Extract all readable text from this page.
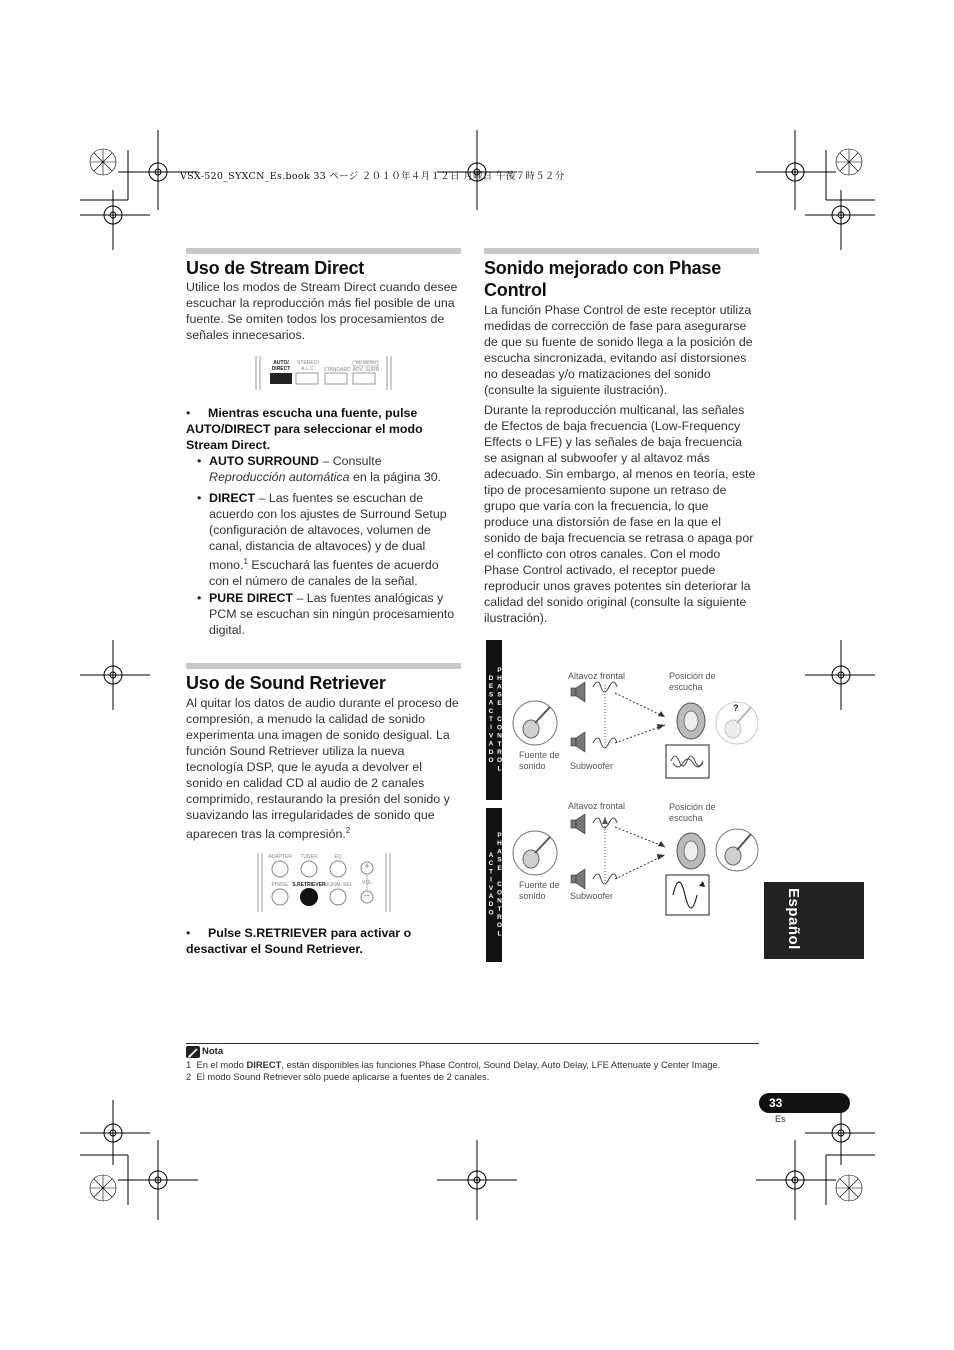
VSX-520_SYXCN_Es.book 33 ページ ２０１０年４月１２日 月曜日 午後７時５２分
Uso de Stream Direct

Utilice los modos de Stream Direct cuando desee escuchar la reproducción más fiel posible de una fuente. Se omiten todos los procesamientos de señales innecesarios.

AUTO/ DIRECT
STEREO/ A.L.C.	STANDARD
BD MENU
ADV. SURR
•	Mientras escucha una fuente, pulse AUTO/DIRECT para seleccionar el modo Stream Direct.

• AUTO SURROUND – Consulte Reproducción automática en la página 30.

• DIRECT – Las fuentes se escuchan de acuerdo con los ajustes de Surround Setup (configuración de altavoces, volumen de canal, distancia de altavoces) y de dual mono.$^1$ Escuchará las fuentes de acuerdo con el número de canales de la señal.

• PURE DIRECT – Las fuentes analógicas y PCM se escuchan sin ningún procesamiento digital.

Uso de Sound Retriever

Al quitar los datos de audio durante el proceso de compresión, a menudo la calidad de sonido experimenta una imagen de sonido desigual. La función Sound Retriever utiliza la nueva tecnología DSP, que le ayuda a devolver el sonido en calidad CD al audio de 2 canales comprimido, restaurando la presión del sonido y suavizando las irregularidades de sonido que aparecen tras la compresión.$^2$

ADAPTER	TUNER	EQ
PHASE S.RETRIEVER
SIGNAL SEL	VOL
+
–
•	Pulse S.RETRIEVER para activar o desactivar el Sound Retriever.

Sonido mejorado con Phase Control

La función Phase Control de este receptor utiliza medidas de corrección de fase para asegurarse de que su fuente de sonido llega a la posición de escucha sincronizada, evitando así distorsiones no deseadas y/o matizaciones del sonido (consulte la siguiente ilustración).

Durante la reproducción multicanal, las señales de Efectos de baja frecuencia (Low-Frequency Effects o LFE) y las señales de baja frecuencia se asignan al subwoofer y al altavoz más adecuado. Sin embargo, al menos en teoría, este tipo de procesamiento supone un retraso de grupo que varía con la frecuencia, lo que produce una distorsión de fase en la que el sonido de baja frecuencia se retrasa o apaga por el conflicto con otros canales. Con el modo Phase Control activado, el receptor puede reproducir unos graves potentes sin deteriorar la calidad del sonido original (consulte la siguiente ilustración).

PHASE CONTROL DESACTIVADO	Altavoz frontal	Posición de escucha
Fuente de sonido	Subwoofer
?
PHASE CONTROL ACTIVADO
Altavoz frontal	Posición de escucha
Fuente de sonido	Subwoofer	Español
Nota

1 En el modo DIRECT, están disponibles las funciones Phase Control, Sound Delay, Auto Delay, LFE Attenuate y Center Image.

2 El modo Sound Retriever sólo puede aplicarse a fuentes de 2 canales.

33
Es
